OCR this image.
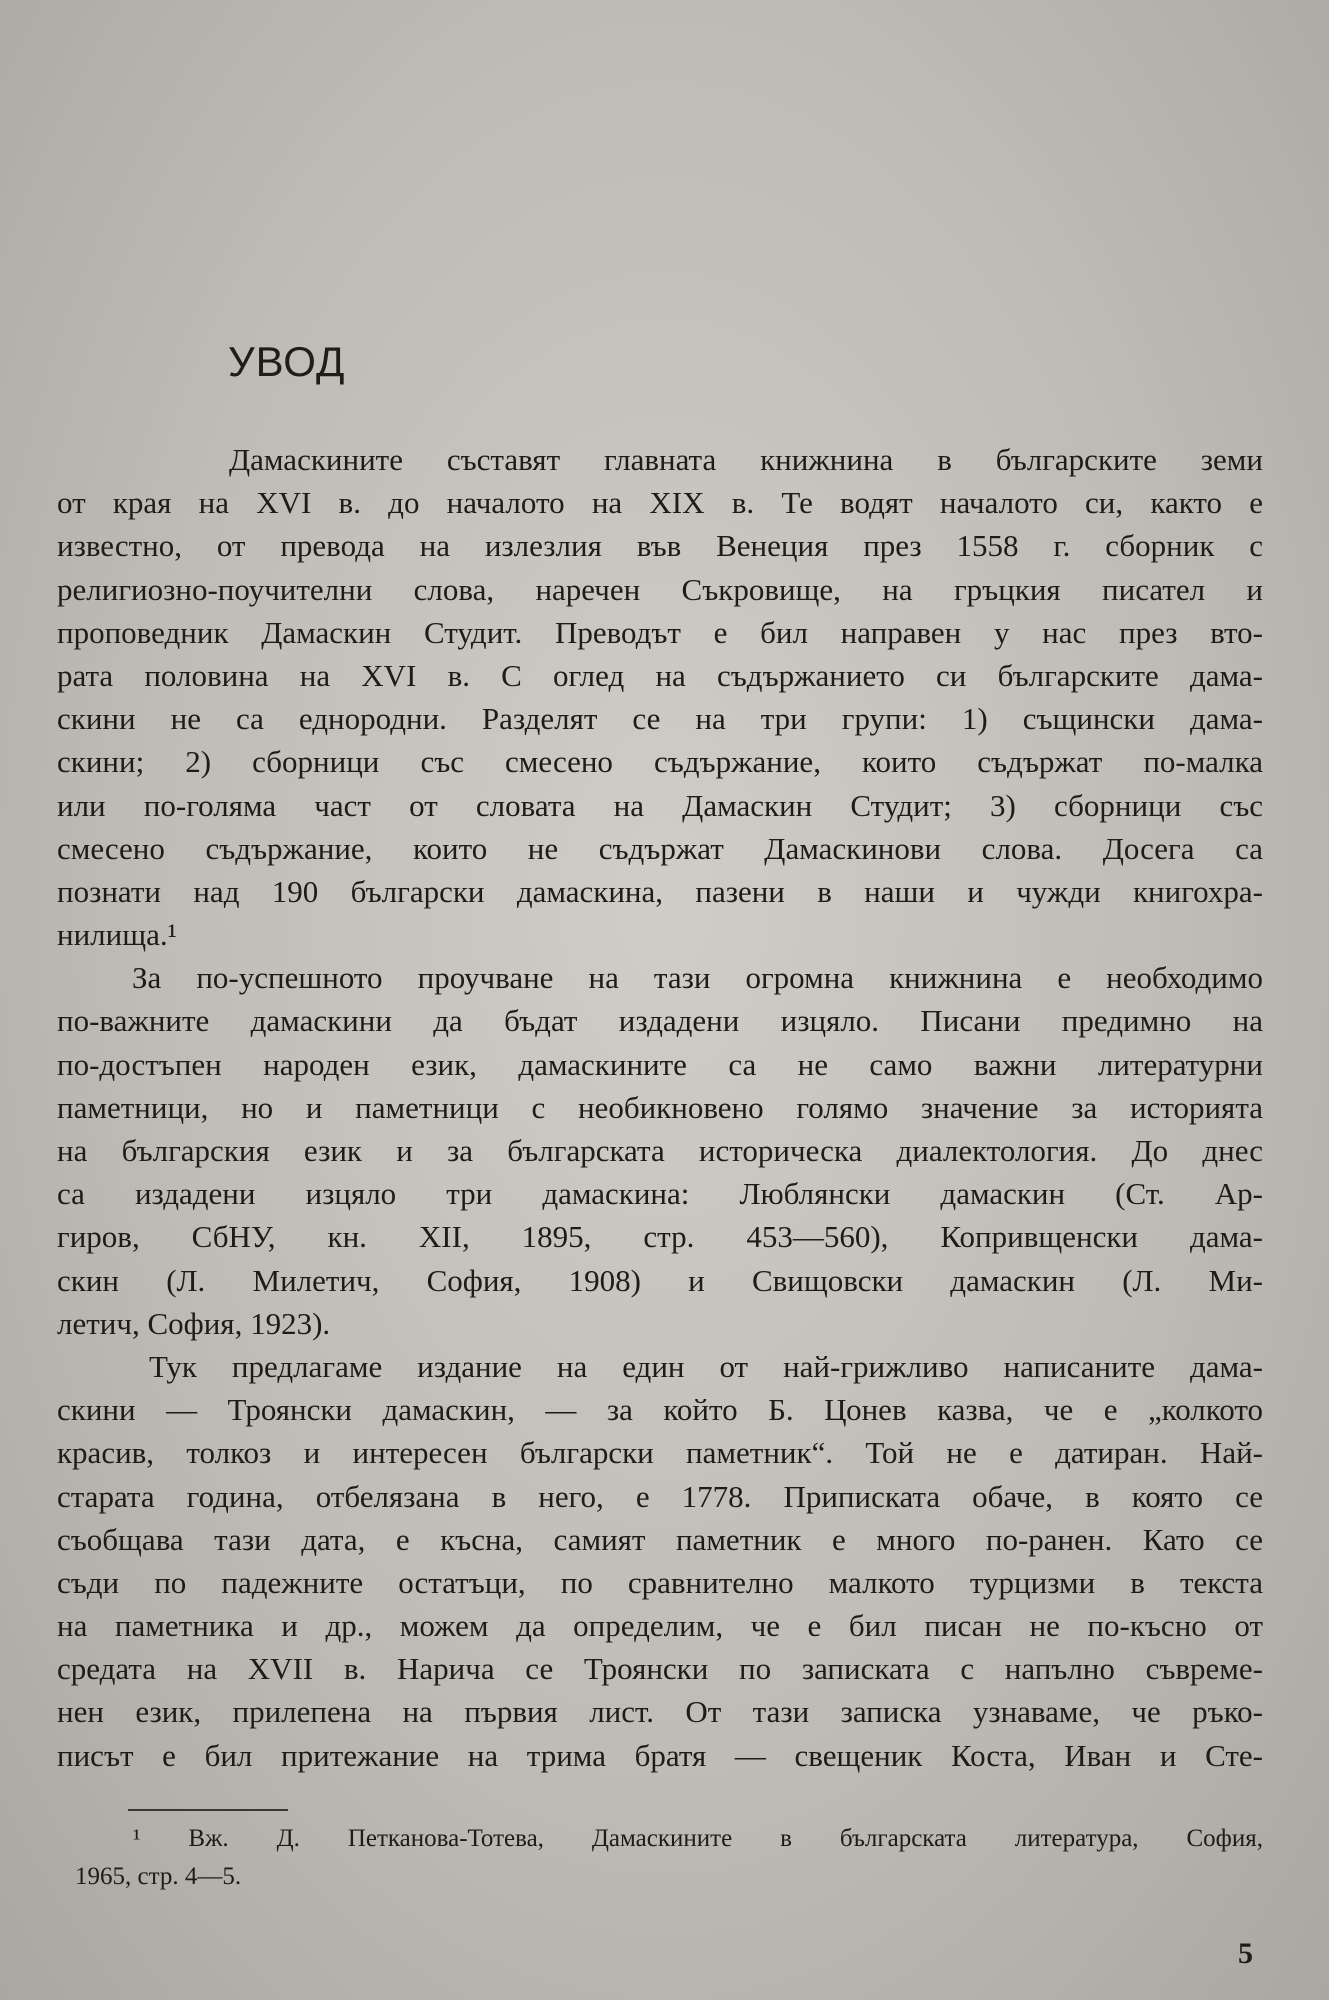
УВОД
Дамаскините съставят главната книжнина в българските земи
от края на XVI в. до началото на XIX в. Те водят началото си, както е
известно, от превода на излезлия във Венеция през 1558 г. сборник с
религиозно-поучителни слова, наречен Съкровище, на гръцкия писател и
проповедник Дамаскин Студит. Преводът е бил направен у нас през вто-
рата половина на XVI в. С оглед на съдържанието си българските дама-
скини не са еднородни. Разделят се на три групи: 1) същински дама-
скини; 2) сборници със смесено съдържание, които съдържат по-малка
или по-голяма част от словата на Дамаскин Студит; 3) сборници със
смесено съдържание, които не съдържат Дамаскинови слова. Досега са
познати над 190 български дамаскина, пазени в наши и чужди книгохра-
нилища.¹
За по-успешното проучване на тази огромна книжнина е необходимо
по-важните дамаскини да бъдат издадени изцяло. Писани предимно на
по-достъпен народен език, дамаскините са не само важни литературни
паметници, но и паметници с необикновено голямо значение за историята
на българския език и за българската историческа диалектология. До днес
са издадени изцяло три дамаскина: Люблянски дамаскин (Ст. Ар-
гиров, СбНУ, кн. XII, 1895, стр. 453—560), Копривщенски дама-
скин (Л. Милетич, София, 1908) и Свищовски дамаскин (Л. Ми-
летич, София, 1923).
Тук предлагаме издание на един от най-грижливо написаните дама-
скини — Троянски дамаскин, — за който Б. Цонев казва, че е „колкото
красив, толкоз и интересен български паметник“. Той не е датиран. Най-
старата година, отбелязана в него, е 1778. Приписката обаче, в която се
съобщава тази дата, е късна, самият паметник е много по-ранен. Като се
съди по падежните остатъци, по сравнително малкото турцизми в текста
на паметника и др., можем да определим, че е бил писан не по-късно от
средата на XVII в. Нарича се Троянски по записката с напълно съвреме-
нен език, прилепена на първия лист. От тази записка узнаваме, че ръко-
писът е бил притежание на трима братя — свещеник Коста, Иван и Сте-
¹ Вж. Д. Петканова-Тотева, Дамаскините в българската литература, София,
1965, стр. 4—5.
5
